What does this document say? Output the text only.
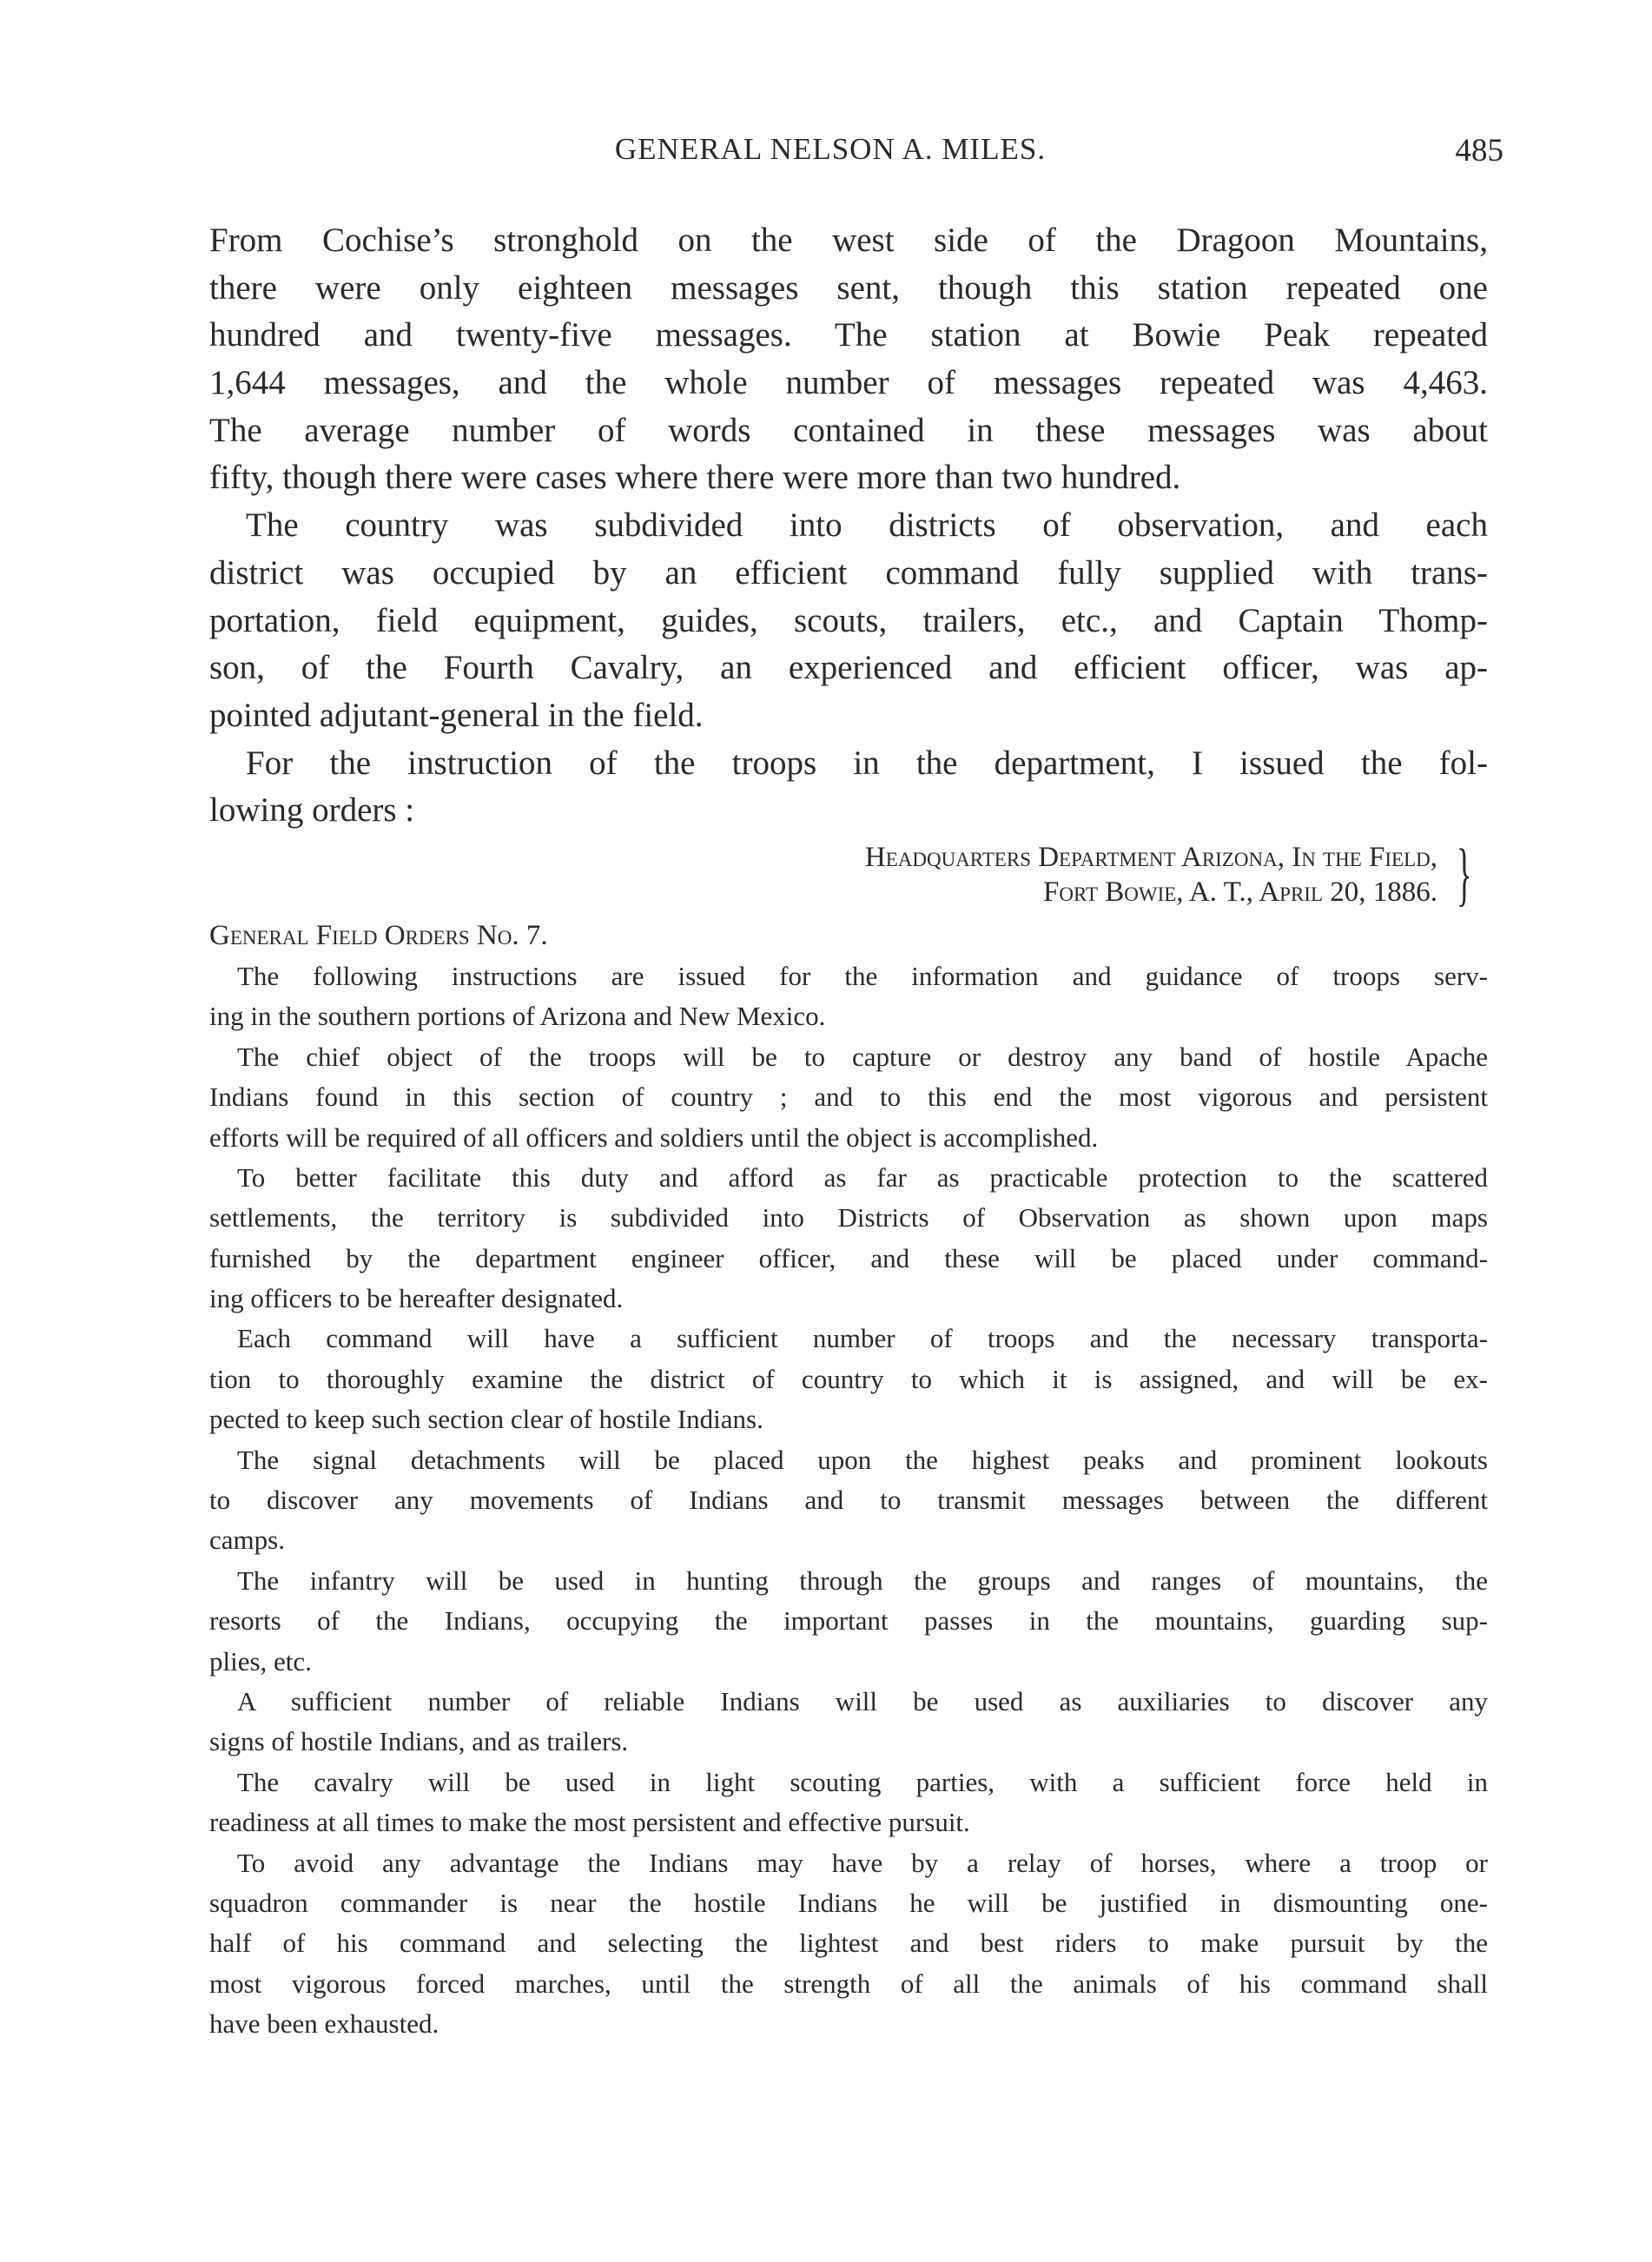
GENERAL NELSON A. MILES.	485
From Cochise’s stronghold on the west side of the Dragoon Mountains,
there were only eighteen messages sent, though this station repeated one
hundred and twenty-five messages. The station at Bowie Peak repeated
1,644 messages, and the whole number of messages repeated was 4,463.
The average number of words contained in these messages was about
fifty, though there were cases where there were more than two hundred.
The country was subdivided into districts of observation, and each
district was occupied by an efficient command fully supplied with trans-
portation, field equipment, guides, scouts, trailers, etc., and Captain Thomp-
son, of the Fourth Cavalry, an experienced and efficient officer, was ap-
pointed adjutant-general in the field.
For the instruction of the troops in the department, I issued the fol-
lowing orders :
Headquarters Department Arizona, In the Field,
Fort Bowie, A. T., April 20, 1886. }
General Field Orders No. 7.
The following instructions are issued for the information and guidance of troops serv-
ing in the southern portions of Arizona and New Mexico.
The chief object of the troops will be to capture or destroy any band of hostile Apache
Indians found in this section of country ; and to this end the most vigorous and persistent
efforts will be required of all officers and soldiers until the object is accomplished.
To better facilitate this duty and afford as far as practicable protection to the scattered
settlements, the territory is subdivided into Districts of Observation as shown upon maps
furnished by the department engineer officer, and these will be placed under command-
ing officers to be hereafter designated.
Each command will have a sufficient number of troops and the necessary transporta-
tion to thoroughly examine the district of country to which it is assigned, and will be ex-
pected to keep such section clear of hostile Indians.
The signal detachments will be placed upon the highest peaks and prominent lookouts
to discover any movements of Indians and to transmit messages between the different
camps.
The infantry will be used in hunting through the groups and ranges of mountains, the
resorts of the Indians, occupying the important passes in the mountains, guarding sup-
plies, etc.
A sufficient number of reliable Indians will be used as auxiliaries to discover any
signs of hostile Indians, and as trailers.
The cavalry will be used in light scouting parties, with a sufficient force held in
readiness at all times to make the most persistent and effective pursuit.
To avoid any advantage the Indians may have by a relay of horses, where a troop or
squadron commander is near the hostile Indians he will be justified in dismounting one-
half of his command and selecting the lightest and best riders to make pursuit by the
most vigorous forced marches, until the strength of all the animals of his command shall
have been exhausted.
